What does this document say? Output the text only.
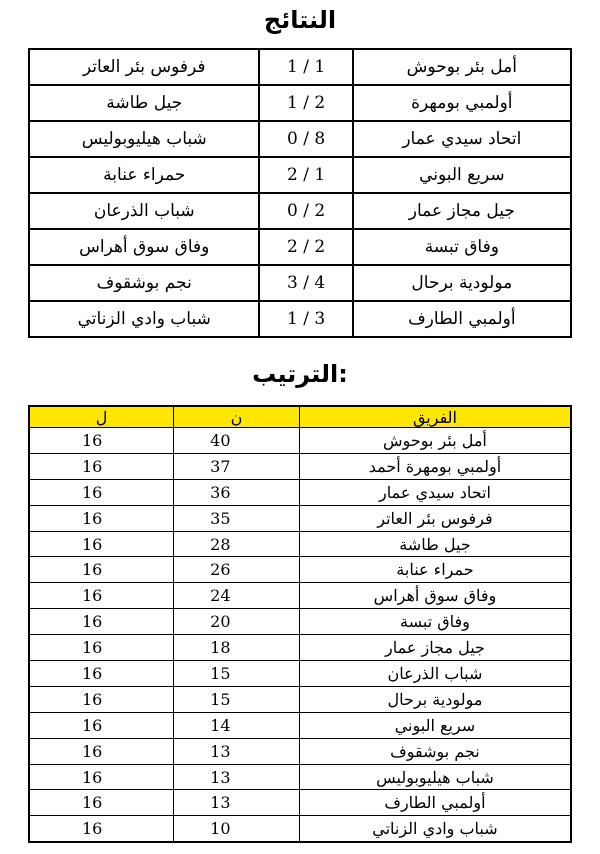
النتائج
أمل بئر بوحوش	1 / 1	فرفوس بئر العاتر
أولمبي بومهرة	1 / 2	جيل طاشة
اتحاد سيدي عمار	0 / 8	شباب هيليوبوليس
سريع البوني	2 / 1	حمراء عنابة
جيل مجاز عمار	0 / 2	شباب الذرعان
وفاق تبسة	2 / 2	وفاق سوق أهراس
مولودية برحال	3 / 4	نجم بوشقوف
أولمبي الطارف	1 / 3	شباب وادي الزناتي
الترتيب:
الفريق	ن	ل
أمل بئر بوحوش	40	16
أولمبي بومهرة أحمد	37	16
اتحاد سيدي عمار	36	16
فرفوس بئر العاتر	35	16
جيل طاشة	28	16
حمراء عنابة	26	16
وفاق سوق أهراس	24	16
وفاق تبسة	20	16
جيل مجاز عمار	18	16
شباب الذرعان	15	16
مولودية برحال	15	16
سريع البوني	14	16
نجم بوشقوف	13	16
شباب هيليوبوليس	13	16
أولمبي الطارف	13	16
شباب وادي الزناتي	10	16
